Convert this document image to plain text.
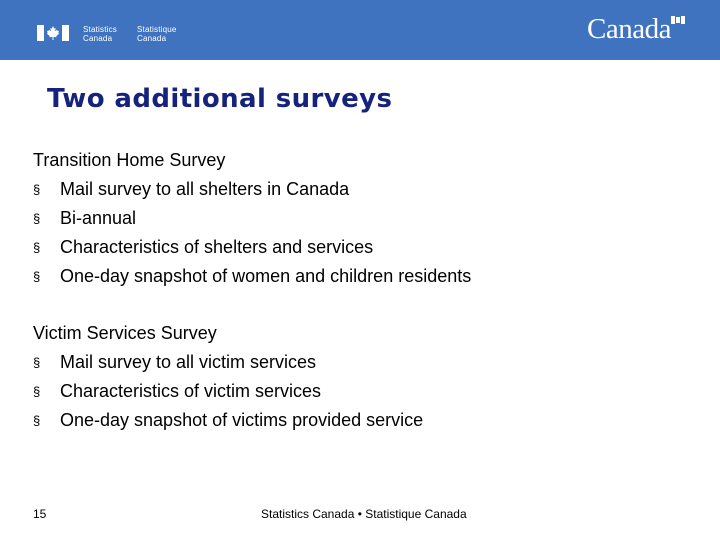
Statistics
Canada
Statistique
Canada	Canada
Two additional surveys
Transition Home Survey
§ Mail survey to all shelters in Canada
§ Bi-annual
§ Characteristics of shelters and services
§ One-day snapshot of women and children residents
Victim Services Survey
§ Mail survey to all victim services
§ Characteristics of victim services
§ One-day snapshot of victims provided service
15	Statistics Canada • Statistique Canada
